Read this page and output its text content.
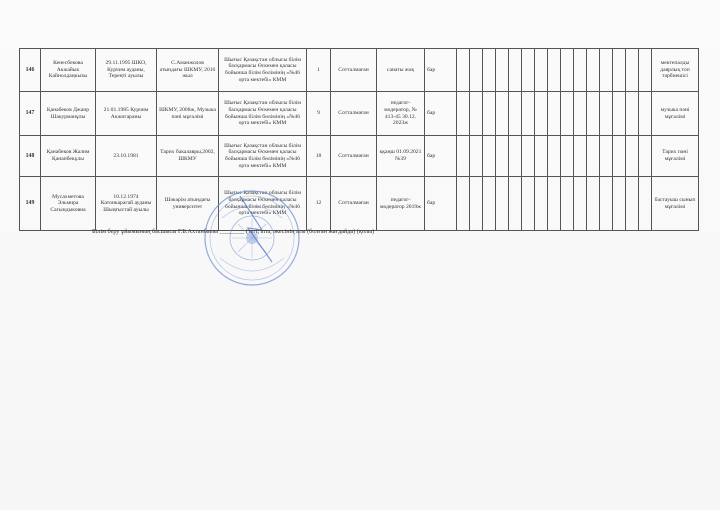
146	Кенесбекова Акжайык Кайнолдаңкызы	29.11.1995 ШКО, Курчим ауданы, Тереңті ауылы	С.Аманжолов атындағы ШКМУ, 2016 жыл	Шығыс Қазақстан облысы білім басқармасы Өскемен қаласы бойынша білім бөлімінің «№46 орта мектебі» КММ	1	Сотталмаған	санаты жоқ	бар																мектепалды даярлық топ тәрбиешісі
147	Қанабеков Джаир Шакурманұлы	21.01.1985 Курчим Акжигараны	ШКМУ, 2008ж, Музыка пәні мұғалімі	Шығыс Қазақстан облысы білім басқармасы Өскемен қаласы бойынша білім бөлімінің «№46 орта мектебі» КММ	9	Сотталмаған	педагог-модератор, № 413-45 30.12. 2023ж	бар																музыка пәні мұғалімі
148	Қанабеков Жалим Қанапбекұлы	23.10.1981	Тарих бакалавры,2002, ШКМУ	Шығыс Қазақстан облысы білім басқармасы Өскемен қаласы бойынша білім бөлімінің «№46 орта мектебі» КММ	18	Сотталмаған	ққаңш 01.09.2021 №39	бар																Тарих пәні мұғалімі
149	Мусахметова Эльмира Сагындыковна	10.12.1974 Катонкарагай ауданы Шыңғыстай ауылы	Шәкәрім атындағы университет	Шығыс Қазақстан облысы білім басқармасы Өскемен қаласы бойынша білім бөлімінің «№46 орта мектебі» КММ	12	Сотталмаған	педагог-модератор 2019ж	бар																бастауыш сынып мұғалімі
Білім беру ұйымының басшысы Г.Б.Ахтанбаева ________ (тегі, аты, әкесінің аты (болған жағдайда) (қолы)
